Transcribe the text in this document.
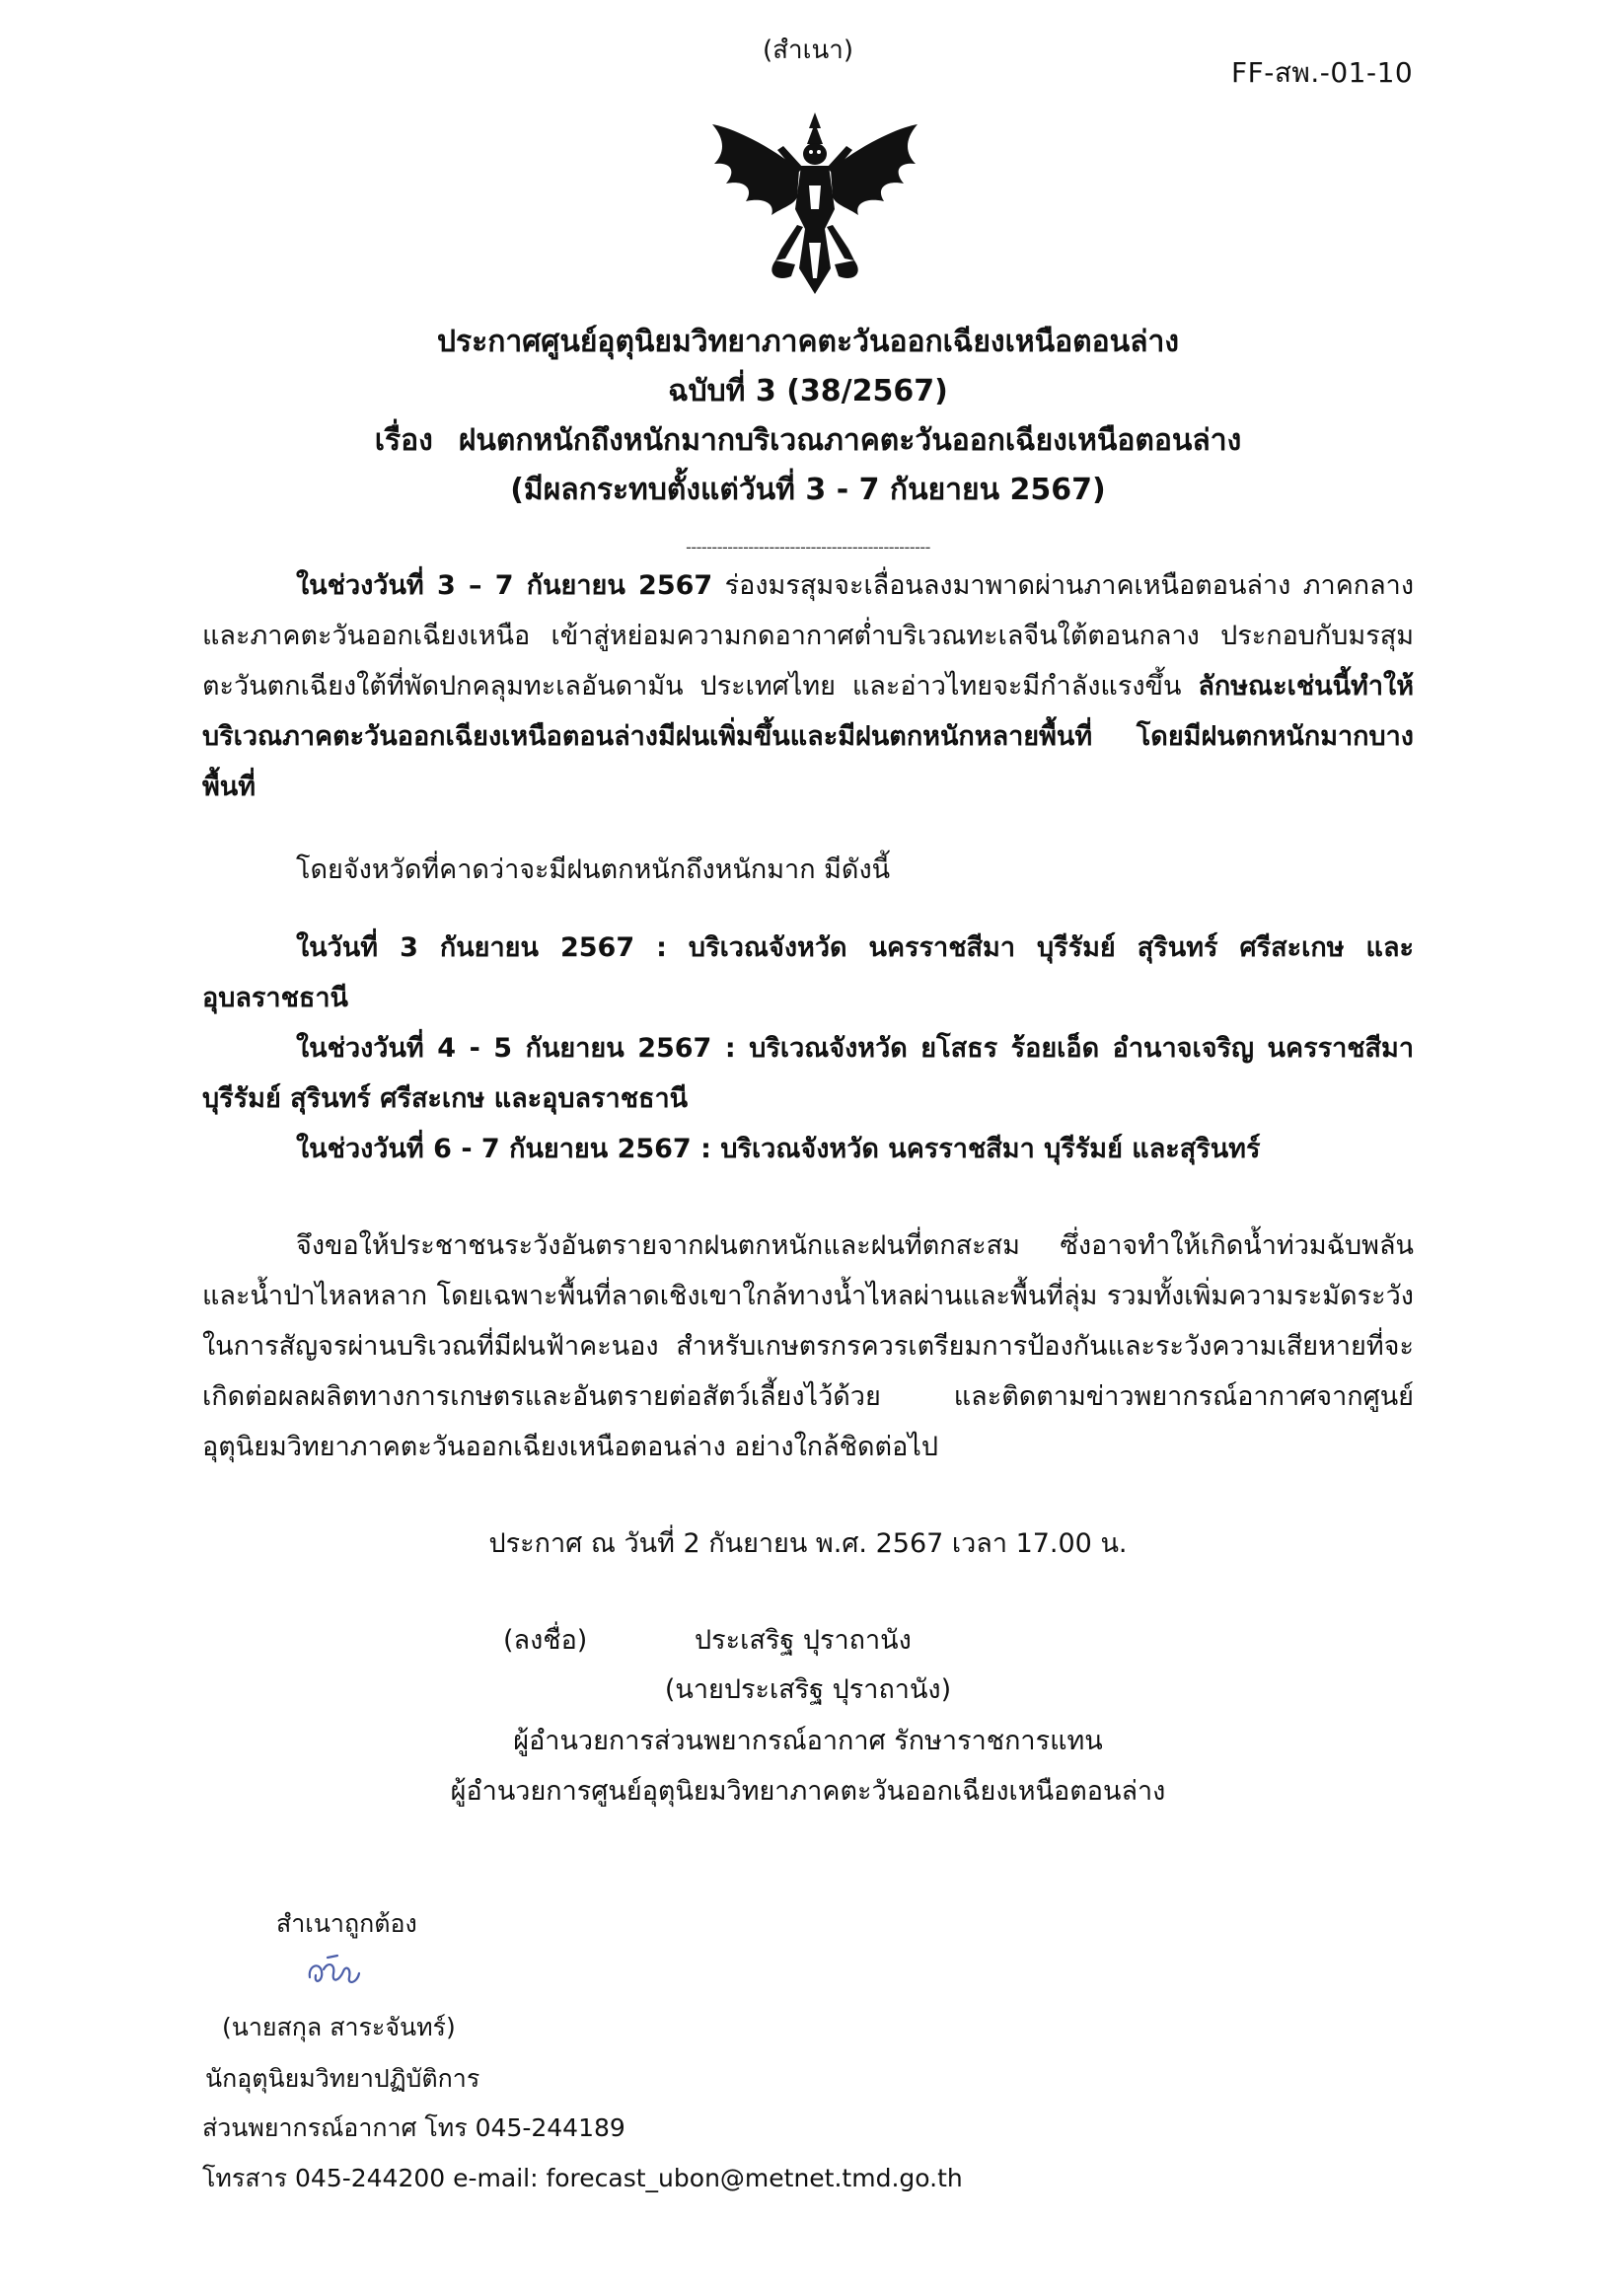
(สำเนา)
FF-สพ.-01-10
ประกาศศูนย์อุตุนิยมวิทยาภาคตะวันออกเฉียงเหนือตอนล่าง
ฉบับที่ 3 (38/2567)
เรื่อง ฝนตกหนักถึงหนักมากบริเวณภาคตะวันออกเฉียงเหนือตอนล่าง
(มีผลกระทบตั้งแต่วันที่ 3 - 7 กันยายน 2567)
-----------------------------------------------
ในช่วงวันที่ 3 – 7 กันยายน 2567 ร่องมรสุมจะเลื่อนลงมาพาดผ่านภาคเหนือตอนล่าง ภาคกลาง และภาคตะวันออกเฉียงเหนือ เข้าสู่หย่อมความกดอากาศต่ำบริเวณทะเลจีนใต้ตอนกลาง ประกอบกับมรสุมตะวันตกเฉียงใต้ที่พัดปกคลุมทะเลอันดามัน ประเทศไทย และอ่าวไทยจะมีกำลังแรงขึ้น ลักษณะเช่นนี้ทำให้บริเวณภาคตะวันออกเฉียงเหนือตอนล่างมีฝนเพิ่มขึ้นและมีฝนตกหนักหลายพื้นที่ โดยมีฝนตกหนักมากบางพื้นที่
โดยจังหวัดที่คาดว่าจะมีฝนตกหนักถึงหนักมาก มีดังนี้
ในวันที่ 3 กันยายน 2567 : บริเวณจังหวัด นครราชสีมา บุรีรัมย์ สุรินทร์ ศรีสะเกษ และอุบลราชธานี
ในช่วงวันที่ 4 - 5 กันยายน 2567 : บริเวณจังหวัด ยโสธร ร้อยเอ็ด อำนาจเจริญ นครราชสีมา บุรีรัมย์ สุรินทร์ ศรีสะเกษ และอุบลราชธานี
ในช่วงวันที่ 6 - 7 กันยายน 2567 : บริเวณจังหวัด นครราชสีมา บุรีรัมย์ และสุรินทร์
จึงขอให้ประชาชนระวังอันตรายจากฝนตกหนักและฝนที่ตกสะสม ซึ่งอาจทำให้เกิดน้ำท่วมฉับพลันและน้ำป่าไหลหลาก โดยเฉพาะพื้นที่ลาดเชิงเขาใกล้ทางน้ำไหลผ่านและพื้นที่ลุ่ม รวมทั้งเพิ่มความระมัดระวังในการสัญจรผ่านบริเวณที่มีฝนฟ้าคะนอง สำหรับเกษตรกรควรเตรียมการป้องกันและระวังความเสียหายที่จะเกิดต่อผลผลิตทางการเกษตรและอันตรายต่อสัตว์เลี้ยงไว้ด้วย และติดตามข่าวพยากรณ์อากาศจากศูนย์อุตุนิยมวิทยาภาคตะวันออกเฉียงเหนือตอนล่าง อย่างใกล้ชิดต่อไป
ประกาศ ณ วันที่ 2 กันยายน พ.ศ. 2567 เวลา 17.00 น.
(ลงชื่อ)	ประเสริฐ ปุราถานัง
(นายประเสริฐ ปุราถานัง)
ผู้อำนวยการส่วนพยากรณ์อากาศ รักษาราชการแทน
ผู้อำนวยการศูนย์อุตุนิยมวิทยาภาคตะวันออกเฉียงเหนือตอนล่าง
สำเนาถูกต้อง
(นายสกุล สาระจันทร์)
นักอุตุนิยมวิทยาปฏิบัติการ
ส่วนพยากรณ์อากาศ โทร 045-244189
โทรสาร 045-244200 e-mail: forecast_ubon@metnet.tmd.go.th
